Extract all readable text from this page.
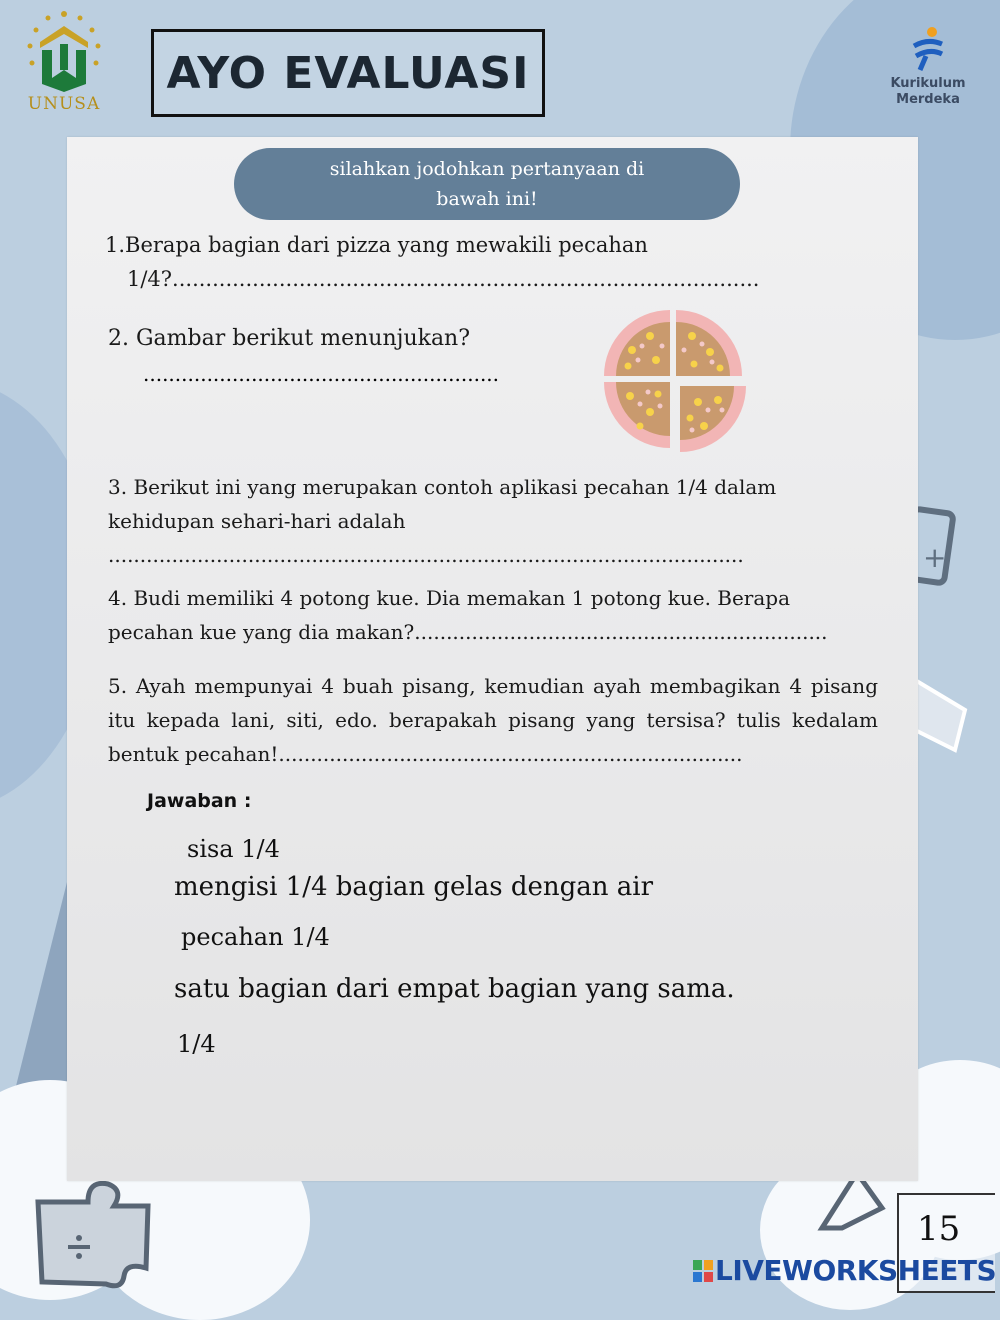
+
UNUSA
AYO EVALUASI	Kurikulum
Merdeka
silahkan jodohkan pertanyaan di bawah ini!
1.Berapa bagian dari pizza yang mewakili pecahan
1/4?........................................................................................
2. Gambar berikut menunjukan?
........................................................
3. Berikut ini yang merupakan contoh aplikasi pecahan 1/4 dalam kehidupan sehari-hari adalah ....................................................................................................
4. Budi memiliki 4 potong kue. Dia memakan 1 potong kue. Berapa pecahan kue yang dia makan?.................................................................
5. Ayah mempunyai 4 buah pisang, kemudian ayah membagikan 4 pisang itu kepada lani, siti, edo. berapakah pisang yang tersisa? tulis kedalam bentuk pecahan!.........................................................................
Jawaban :
sisa 1/4
mengisi 1/4 bagian gelas dengan air
pecahan 1/4
satu bagian dari empat bagian yang sama.
1/4
15
LIVEWORKSHEETS
